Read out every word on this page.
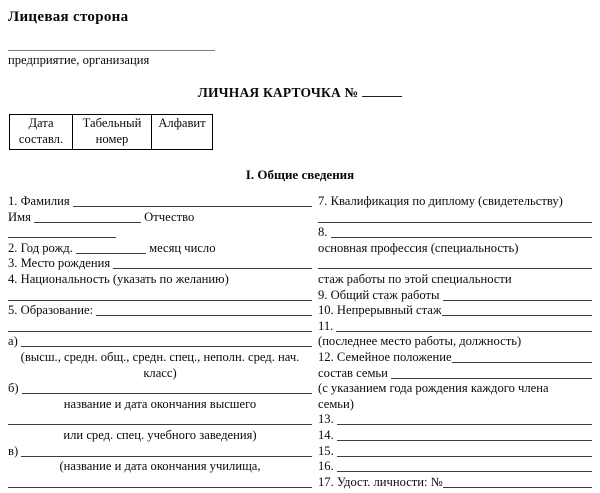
Лицевая сторона
предприятие, организация
ЛИЧНАЯ КАРТОЧКА №
Дата составл.	Табельный номер	Алфавит
I. Общие сведения
1. Фамилия
Имя	Отчество
2. Год рожд.	месяц число
3. Место рождения
4. Национальность (указать по желанию)
5. Образование:
а)
(высш., средн. общ., средн. спец., неполн. сред. нач.
класс)
б)
название и дата окончания высшего
или сред. спец. учебного заведения)
в)
(название и дата окончания училища,
7. Квалификация по диплому (свидетельству)
8.
основная профессия (специальность)
стаж работы по этой специальности
9. Общий стаж работы
10. Непрерывный стаж
11.
(последнее место работы, должность)
12. Семейное положение
состав семьи
(с указанием года рождения каждого члена
семьи)
13.
14.
15.
16.
17. Удост. личности: №
